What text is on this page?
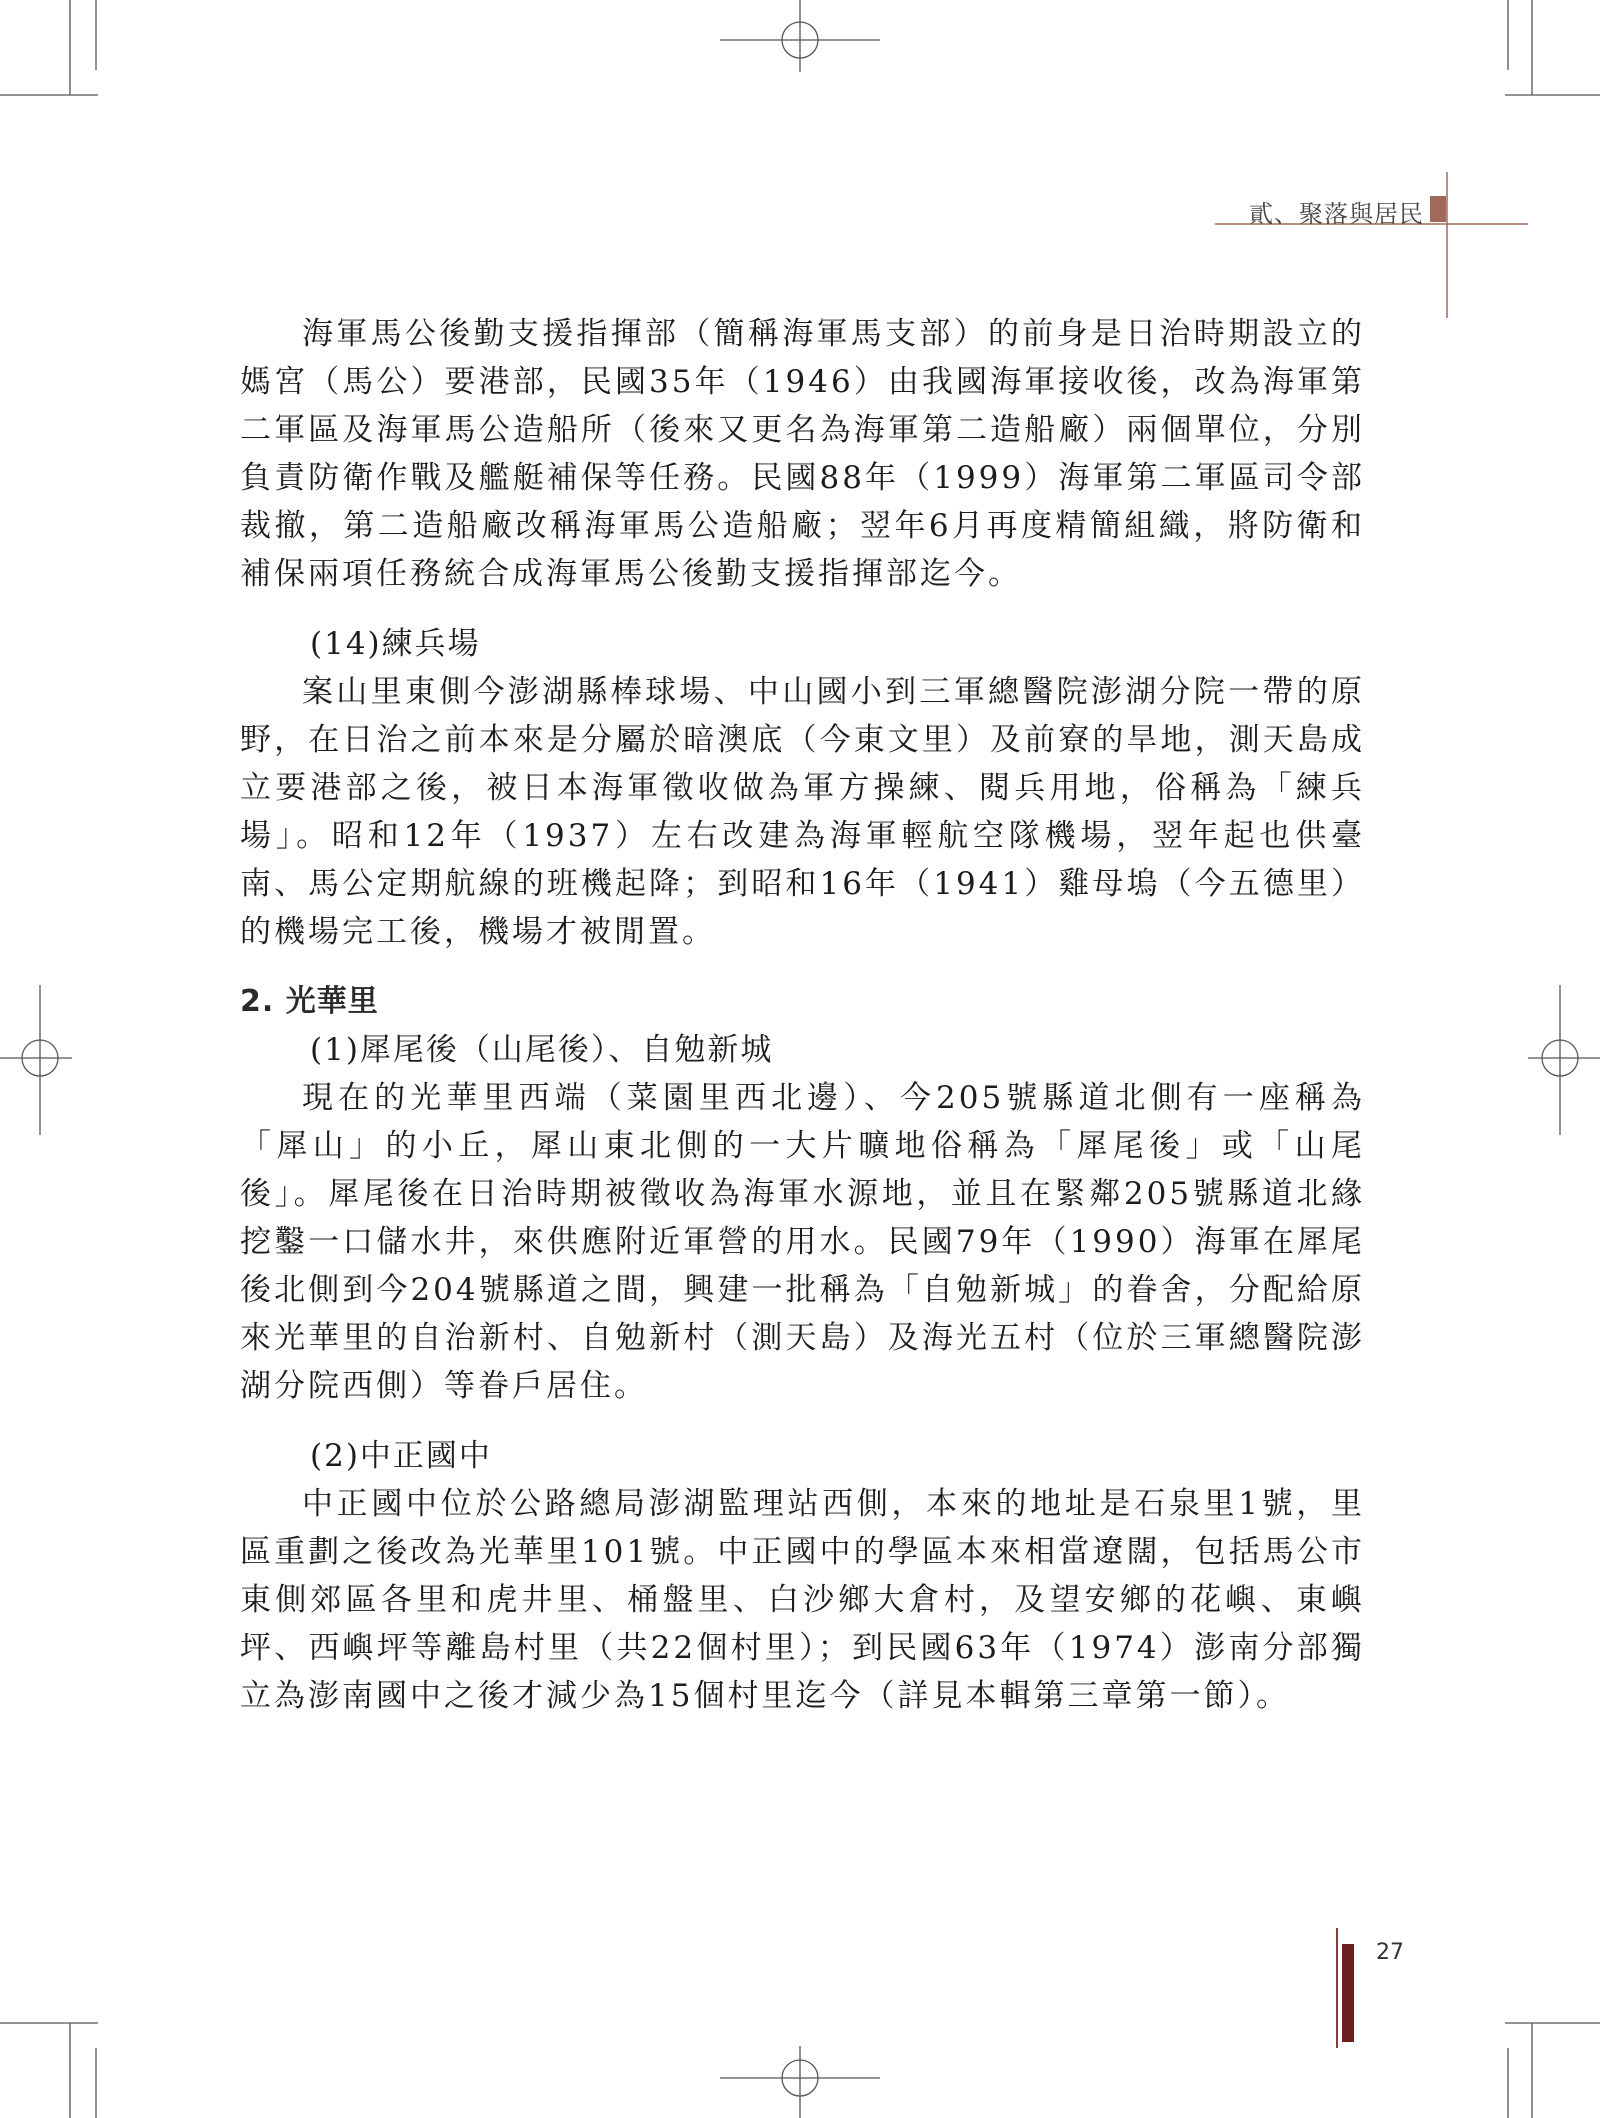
貳、聚落與居民

海軍馬公後勤支援指揮部（簡稱海軍馬支部）的前身是日治時期設立的媽宮（馬公）要港部，民國35年（1946）由我國海軍接收後，改為海軍第二軍區及海軍馬公造船所（後來又更名為海軍第二造船廠）兩個單位，分別負責防衛作戰及艦艇補保等任務。民國88年（1999）海軍第二軍區司令部裁撤，第二造船廠改稱海軍馬公造船廠；翌年6月再度精簡組織，將防衛和補保兩項任務統合成海軍馬公後勤支援指揮部迄今。

(14)練兵場

案山里東側今澎湖縣棒球場、中山國小到三軍總醫院澎湖分院一帶的原野，在日治之前本來是分屬於暗澳底（今東文里）及前寮的旱地，測天島成立要港部之後，被日本海軍徵收做為軍方操練、閱兵用地，俗稱為「練兵場」。昭和12年（1937）左右改建為海軍輕航空隊機場，翌年起也供臺南、馬公定期航線的班機起降；到昭和16年（1941）雞母塢（今五德里）的機場完工後，機場才被閒置。

2. 光華里
(1)犀尾後（山尾後）、自勉新城

現在的光華里西端（菜園里西北邊）、今205號縣道北側有一座稱為「犀山」的小丘，犀山東北側的一大片曠地俗稱為「犀尾後」或「山尾後」。犀尾後在日治時期被徵收為海軍水源地，並且在緊鄰205號縣道北緣挖鑿一口儲水井，來供應附近軍營的用水。民國79年（1990）海軍在犀尾後北側到今204號縣道之間，興建一批稱為「自勉新城」的眷舍，分配給原來光華里的自治新村、自勉新村（測天島）及海光五村（位於三軍總醫院澎湖分院西側）等眷戶居住。

(2)中正國中

中正國中位於公路總局澎湖監理站西側，本來的地址是石泉里1號，里區重劃之後改為光華里101號。中正國中的學區本來相當遼闊，包括馬公市東側郊區各里和虎井里、桶盤里、白沙鄉大倉村，及望安鄉的花嶼、東嶼坪、西嶼坪等離島村里（共22個村里）；到民國63年（1974）澎南分部獨立為澎南國中之後才減少為15個村里迄今（詳見本輯第三章第一節）。

27
